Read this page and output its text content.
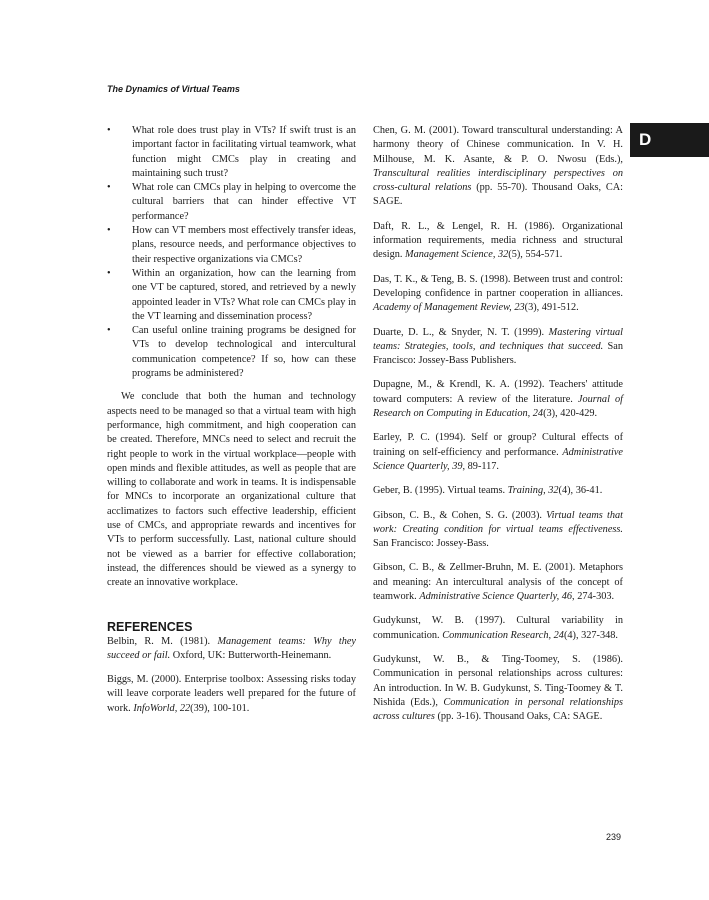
The Dynamics of Virtual Teams
D
• What role does trust play in VTs? If swift trust is an important factor in facilitating virtual teamwork, what function might CMCs play in creating and maintaining such trust?
• What role can CMCs play in helping to overcome the cultural barriers that can hinder effective VT performance?
• How can VT members most effectively transfer ideas, plans, resource needs, and performance objectives to their respective organizations via CMCs?
• Within an organization, how can the learning from one VT be captured, stored, and retrieved by a newly appointed leader in VTs? What role can CMCs play in the VT learning and dissemination process?
• Can useful online training programs be designed for VTs to develop technological and intercultural communication competence? If so, how can these programs be administered?

We conclude that both the human and technology aspects need to be managed so that a virtual team with high performance, high commitment, and high cooperation can be created. Therefore, MNCs need to select and recruit the right people to work in the virtual workplace—people with open minds and flexible attitudes, as well as people that are willing to collaborate and work in teams. It is indispensable for MNCs to incorporate an organizational culture that acclimatizes to factors such effective leadership, efficient use of CMCs, and appropriate rewards and incentives for VTs to perform successfully. Last, national culture should not be viewed as a barrier for effective collaboration; instead, the differences should be viewed as a synergy to create an innovative workplace.

REFERENCES

Belbin, R. M. (1981). Management teams: Why they succeed or fail. Oxford, UK: Butterworth-Heinemann.

Biggs, M. (2000). Enterprise toolbox: Assessing risks today will leave corporate leaders well prepared for the future of work. InfoWorld, 22(39), 100-101.

Chen, G. M. (2001). Toward transcultural understanding: A harmony theory of Chinese communication. In V. H. Milhouse, M. K. Asante, & P. O. Nwosu (Eds.), Transcultural realities interdisciplinary perspectives on cross-cultural relations (pp. 55-70). Thousand Oaks, CA: SAGE.

Daft, R. L., & Lengel, R. H. (1986). Organizational information requirements, media richness and structural design. Management Science, 32(5), 554-571.

Das, T. K., & Teng, B. S. (1998). Between trust and control: Developing confidence in partner cooperation in alliances. Academy of Management Review, 23(3), 491-512.

Duarte, D. L., & Snyder, N. T. (1999). Mastering virtual teams: Strategies, tools, and techniques that succeed. San Francisco: Jossey-Bass Publishers.

Dupagne, M., & Krendl, K. A. (1992). Teachers' attitude toward computers: A review of the literature. Journal of Research on Computing in Education, 24(3), 420-429.

Earley, P. C. (1994). Self or group? Cultural effects of training on self-efficiency and performance. Administrative Science Quarterly, 39, 89-117.

Geber, B. (1995). Virtual teams. Training, 32(4), 36-41.

Gibson, C. B., & Cohen, S. G. (2003). Virtual teams that work: Creating condition for virtual teams effectiveness. San Francisco: Jossey-Bass.

Gibson, C. B., & Zellmer-Bruhn, M. E. (2001). Metaphors and meaning: An intercultural analysis of the concept of teamwork. Administrative Science Quarterly, 46, 274-303.

Gudykunst, W. B. (1997). Cultural variability in communication. Communication Research, 24(4), 327-348.

Gudykunst, W. B., & Ting-Toomey, S. (1986). Communication in personal relationships across cultures: An introduction. In W. B. Gudykunst, S. Ting-Toomey & T. Nishida (Eds.), Communication in personal relationships across cultures (pp. 3-16). Thousand Oaks, CA: SAGE.

239
